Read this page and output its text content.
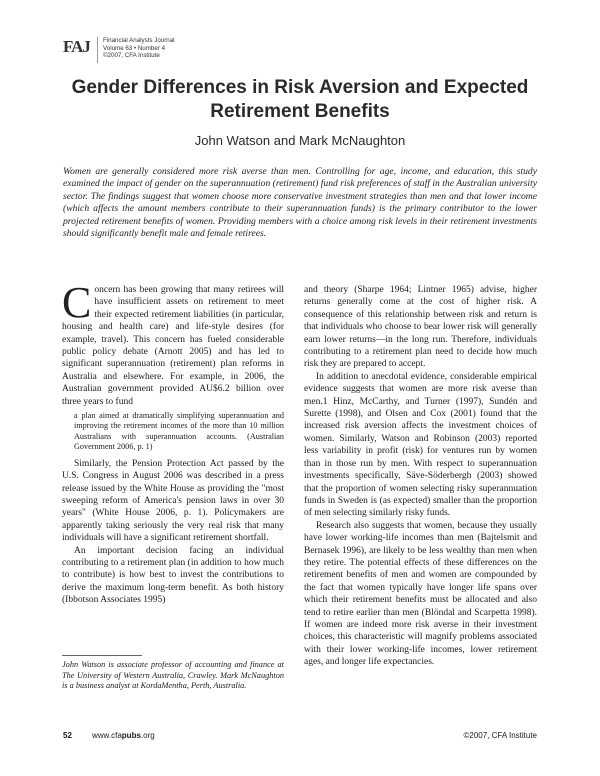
FAJ	Financial Analysts Journal
Volume 63 • Number 4
©2007, CFA Institute
Gender Differences in Risk Aversion and Expected Retirement Benefits
John Watson and Mark McNaughton
Women are generally considered more risk averse than men. Controlling for age, income, and education, this study examined the impact of gender on the superannuation (retirement) fund risk preferences of staff in the Australian university sector. The findings suggest that women choose more conservative investment strategies than men and that lower income (which affects the amount members contribute to their superannuation funds) is the primary contributor to the lower projected retirement benefits of women. Providing members with a choice among risk levels in their retirement investments should significantly benefit male and female retirees.

Concern has been growing that many retirees will have insufficient assets on retirement to meet their expected retirement liabilities (in particular, housing and health care) and life-style desires (for example, travel). This concern has fueled considerable public policy debate (Arnott 2005) and has led to significant superannuation (retirement) plan reforms in Australia and elsewhere. For example, in 2006, the Australian government provided AU$6.2 billion over three years to fund

a plan aimed at dramatically simplifying superannuation and improving the retirement incomes of the more than 10 million Australians with superannuation accounts. (Australian Government 2006, p. 1)

Similarly, the Pension Protection Act passed by the U.S. Congress in August 2006 was described in a press release issued by the White House as providing the "most sweeping reform of America's pension laws in over 30 years" (White House 2006, p. 1). Policymakers are apparently taking seriously the very real risk that many individuals will have a significant retirement shortfall.

An important decision facing an individual contributing to a retirement plan (in addition to how much to contribute) is how best to invest the contributions to derive the maximum long-term benefit. As both history (Ibbotson Associates 1995)

John Watson is associate professor of accounting and finance at The University of Western Australia, Crawley. Mark McNaughton is a business analyst at KordaMentha, Perth, Australia.

and theory (Sharpe 1964; Lintner 1965) advise, higher returns generally come at the cost of higher risk. A consequence of this relationship between risk and return is that individuals who choose to bear lower risk will generally earn lower returns—in the long run. Therefore, individuals contributing to a retirement plan need to decide how much risk they are prepared to accept.

In addition to anecdotal evidence, considerable empirical evidence suggests that women are more risk averse than men.1 Hinz, McCarthy, and Turner (1997), Sundén and Surette (1998), and Olsen and Cox (2001) found that the increased risk aversion affects the investment choices of women. Similarly, Watson and Robinson (2003) reported less variability in profit (risk) for ventures run by women than in those run by men. With respect to superannuation investments specifically, Säve-Söderbergh (2003) showed that the proportion of women selecting risky superannuation funds in Sweden is (as expected) smaller than the proportion of men selecting similarly risky funds.

Research also suggests that women, because they usually have lower working-life incomes than men (Bajtelsmit and Bernasek 1996), are likely to be less wealthy than men when they retire. The potential effects of these differences on the retirement benefits of men and women are compounded by the fact that women typically have longer life spans over which their retirement benefits must be allocated and also tend to retire earlier than men (Blöndal and Scarpetta 1998). If women are indeed more risk averse in their investment choices, this characteristic will magnify problems associated with their lower working-life incomes, lower retirement ages, and longer life expectancies.

52	www.cfapubs.org	©2007, CFA Institute
